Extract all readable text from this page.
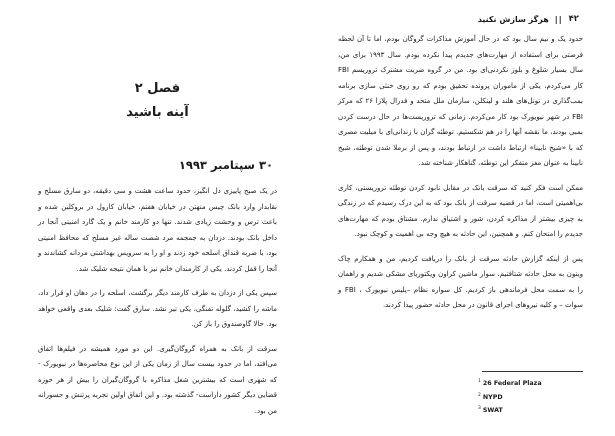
فصل ۲
آینه باشید
۳۰ سپتامبر ۱۹۹۳

در یک صبح پاییزی دل انگیز، حدود ساعت هشت و سی دقیقه، دو سارق مسلح و نقابدار وارد بانک چیس منهتن در خیابان هفتم، خیابان کارول در بروکلین شده و باعث ترس و وحشت زیادی شدند. تنها دو کارمند خانم و یک گارد امنیتی آنجا در داخل بانک بودند. دزدان به جمجمه مرد شصت ساله غیر مسلح که محافظ امنیتی بود، با ضربه قنداق اسلحه خود زدند و او را به سرویس بهداشتی مردانه کشاندند و آنجا را قفل کردند. یکی از کارمندان خانم نیز با همان نتیجه شلیک شد.

سپس یکی از دزدان به طرف کارمند دیگر برگشت، اسلحه را در دهان او قرار داد، ماشه را کشید، گلوله تفنگی، یکی تیر نشد. سارق گفت: شلیک بعدی واقعی خواهد بود. حالا گاوصندوق را باز کن.

سرقت از بانک به همراه گروگان‌گیری. این دو مورد همیشه در فیلم‌ها اتفاق می‌افتد، اما در حدود بیست سال از زمان یکی از این نوع محاصره‌ها در نیویورک - که شهری است که بیشترین شغل مذاکره با گروگان‌گیران را بیش از هر حوزه قضایی دیگر کشور داراست- گذشته بود. و این اتفاق اولین تجربه پرتنش و جسورانه من بود.

۴۲
||
هرگز سازش نکنید

حدود یک و نیم سال بود که در حال آموزش مذاکرات گروگان بودم، اما تا آن لحظه فرصتی برای استفاده از مهارت‌های جدیدم پیدا نکرده بودم. سال ۱۹۹۳ برای من، سال بسیار شلوغ و بلوز نکردنی‌ای بود. من در گروه ضربت مشترک تروریسم FBI کار می‌کردم، یکی از ماموران پرونده تحقیق بودم که رو روی خنثی سازی برنامه بمب‌گذاری در تونل‌های هلند و لینکلن، سازمان ملل متحد و فدرال پلازا ۲۶ که مرکز FBI در شهر نیویورک بود کار می‌کردم. زمانی که تروریست‌ها در حال درست کردن بمبی بودند، ما نقشه آنها را در هم شکستیم. توطئه گران با زندانی‌ای با میلیت مصری که با «شیخ نابینا» ارتباط داشت در ارتباط بودند، و پس از برملا شدن توطئه، شیخ نابینا به عنوان مغز متفکر این توطئه، گناهکار شناخته شد.

ممکن است فکر کنید که سرقت بانک در مقابل نابود کردن توطئه تروریستی، کاری بی‌اهمیتی است، اما در قضیه سرقت از بانک بود که به این درک رسیدم که در زندگی به چیزی بیشتر از مذاکره کردن، شور و اشتیاق ندارم. مشتاق بودم که مهارت‌های جدیدم را امتحان کنم. و همچنین، این حادثه به هیچ وجه بی اهمیت و کوچک نبود.

پس از اینکه گزارش حادثه سرقت از بانک را دریافت کردیم، من و همکارم چاک ویتون به محل حادثه شتافتیم. سوار ماشین کراون ویکتوریای مشکی شدیم و راهمان را به سمت محل فرماندهی باز کردیم. کل سواره نظام –پلیس نیویورک ، FBI و سوات – و کلیه نیروهای اجرای قانون در محل حادثه حضور پیدا کردند.

$^1$ 26 Federal Plaza
$^2$ NYPD
$^3$ SWAT
